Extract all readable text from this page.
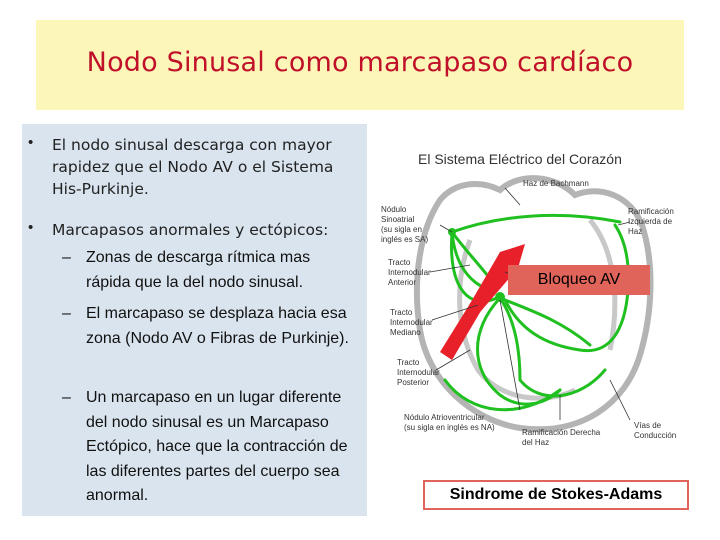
Nodo Sinusal como marcapaso cardíaco
• El nodo sinusal descarga con mayor rapidez que el Nodo AV o el Sistema His-Purkinje.
• Marcapasos anormales y ectópicos:
– Zonas de descarga rítmica mas rápida que la del nodo sinusal.
– El marcapaso se desplaza hacia esa zona (Nodo AV o Fibras de Purkinje).
– Un marcapaso en un lugar diferente del nodo sinusal es un Marcapaso Ectópico, hace que la contracción de las diferentes partes del cuerpo sea anormal.
El Sistema Eléctrico del Corazón
Haz de Bachmann
Nódulo
Sinoatrial
(su sigla en
inglés es SA)
Ramificación
Izquierda de
Haz
Tracto
Internodular
Anterior
Tracto
Internodular
Mediano
Tracto
Internodular
Posterior
Nódulo Atrioventricular
(su sigla en inglés es NA)
Ramificación Derecha
del Haz
Vías de
Conducción
Bloqueo AV
Sindrome de Stokes-Adams
